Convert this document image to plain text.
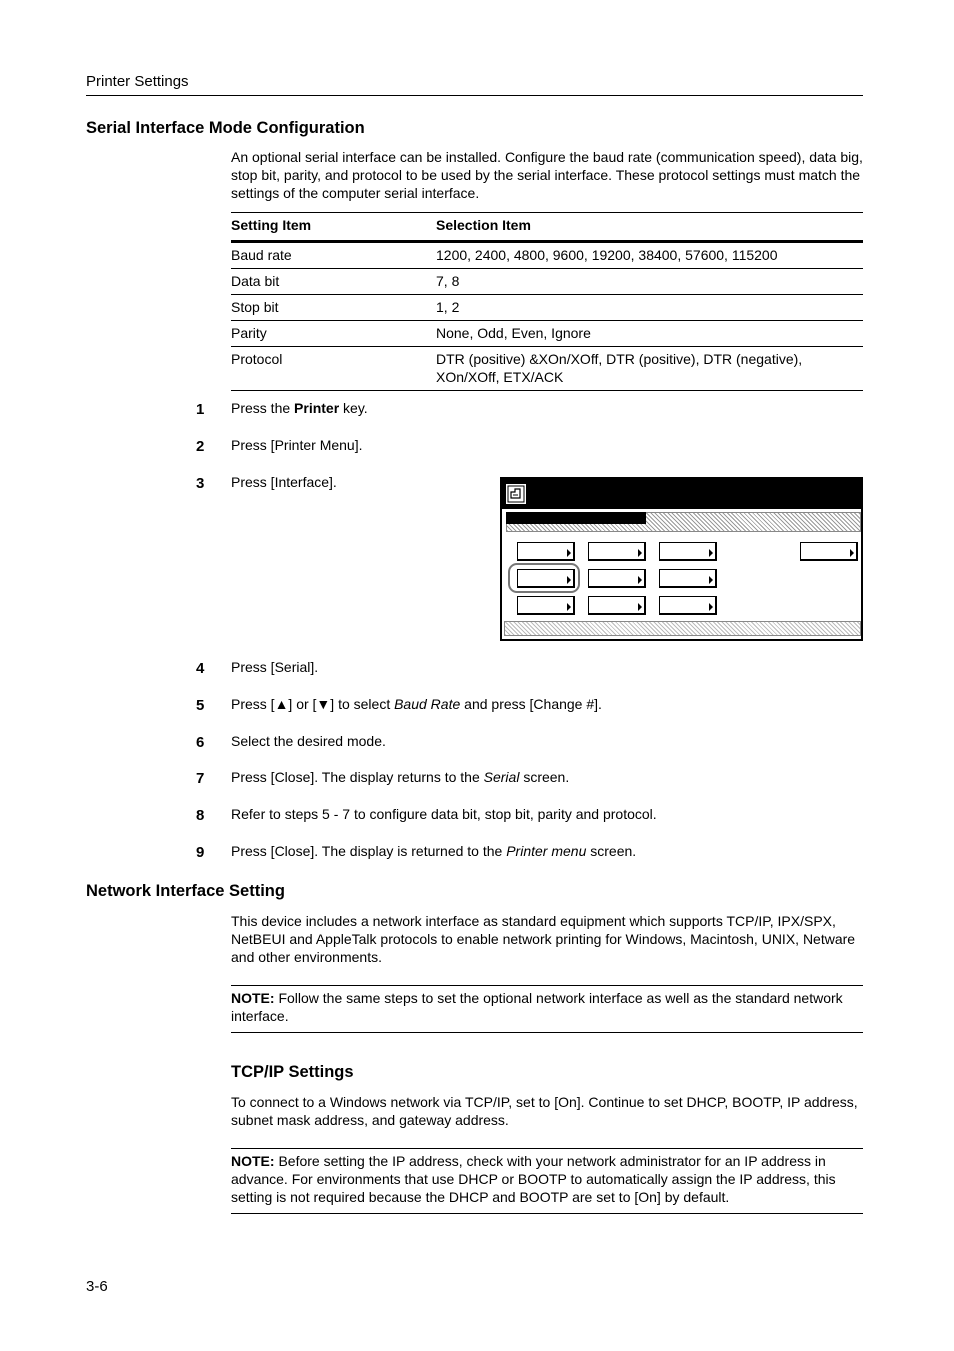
Printer Settings
Serial Interface Mode Configuration

An optional serial interface can be installed. Configure the baud rate (communication speed), data big, stop bit, parity, and protocol to be used by the serial interface. These protocol settings must match the settings of the computer serial interface.

Setting Item	Selection Item
Baud rate	1200, 2400, 4800, 9600, 19200, 38400, 57600, 115200
Data bit	7, 8
Stop bit	1, 2
Parity	None, Odd, Even, Ignore
Protocol	DTR (positive) &XOn/XOff, DTR (positive), DTR (negative), XOn/XOff, ETX/ACK
1 Press the Printer key.
2 Press [Printer Menu].
3 Press [Interface].
4 Press [Serial].
5 Press [▲] or [▼] to select Baud Rate and press [Change #].
6 Select the desired mode.
7 Press [Close]. The display returns to the Serial screen.
8 Refer to steps 5 - 7 to configure data bit, stop bit, parity and protocol.
9 Press [Close]. The display is returned to the Printer menu screen.
Network Interface Setting

This device includes a network interface as standard equipment which supports TCP/IP, IPX/SPX, NetBEUI and AppleTalk protocols to enable network printing for Windows, Macintosh, UNIX, Netware and other environments.

NOTE: Follow the same steps to set the optional network interface as well as the standard network interface.
TCP/IP Settings

To connect to a Windows network via TCP/IP, set to [On]. Continue to set DHCP, BOOTP, IP address, subnet mask address, and gateway address.

NOTE: Before setting the IP address, check with your network administrator for an IP address in advance. For environments that use DHCP or BOOTP to automatically assign the IP address, this setting is not required because the DHCP and BOOTP are set to [On] by default.
3-6
